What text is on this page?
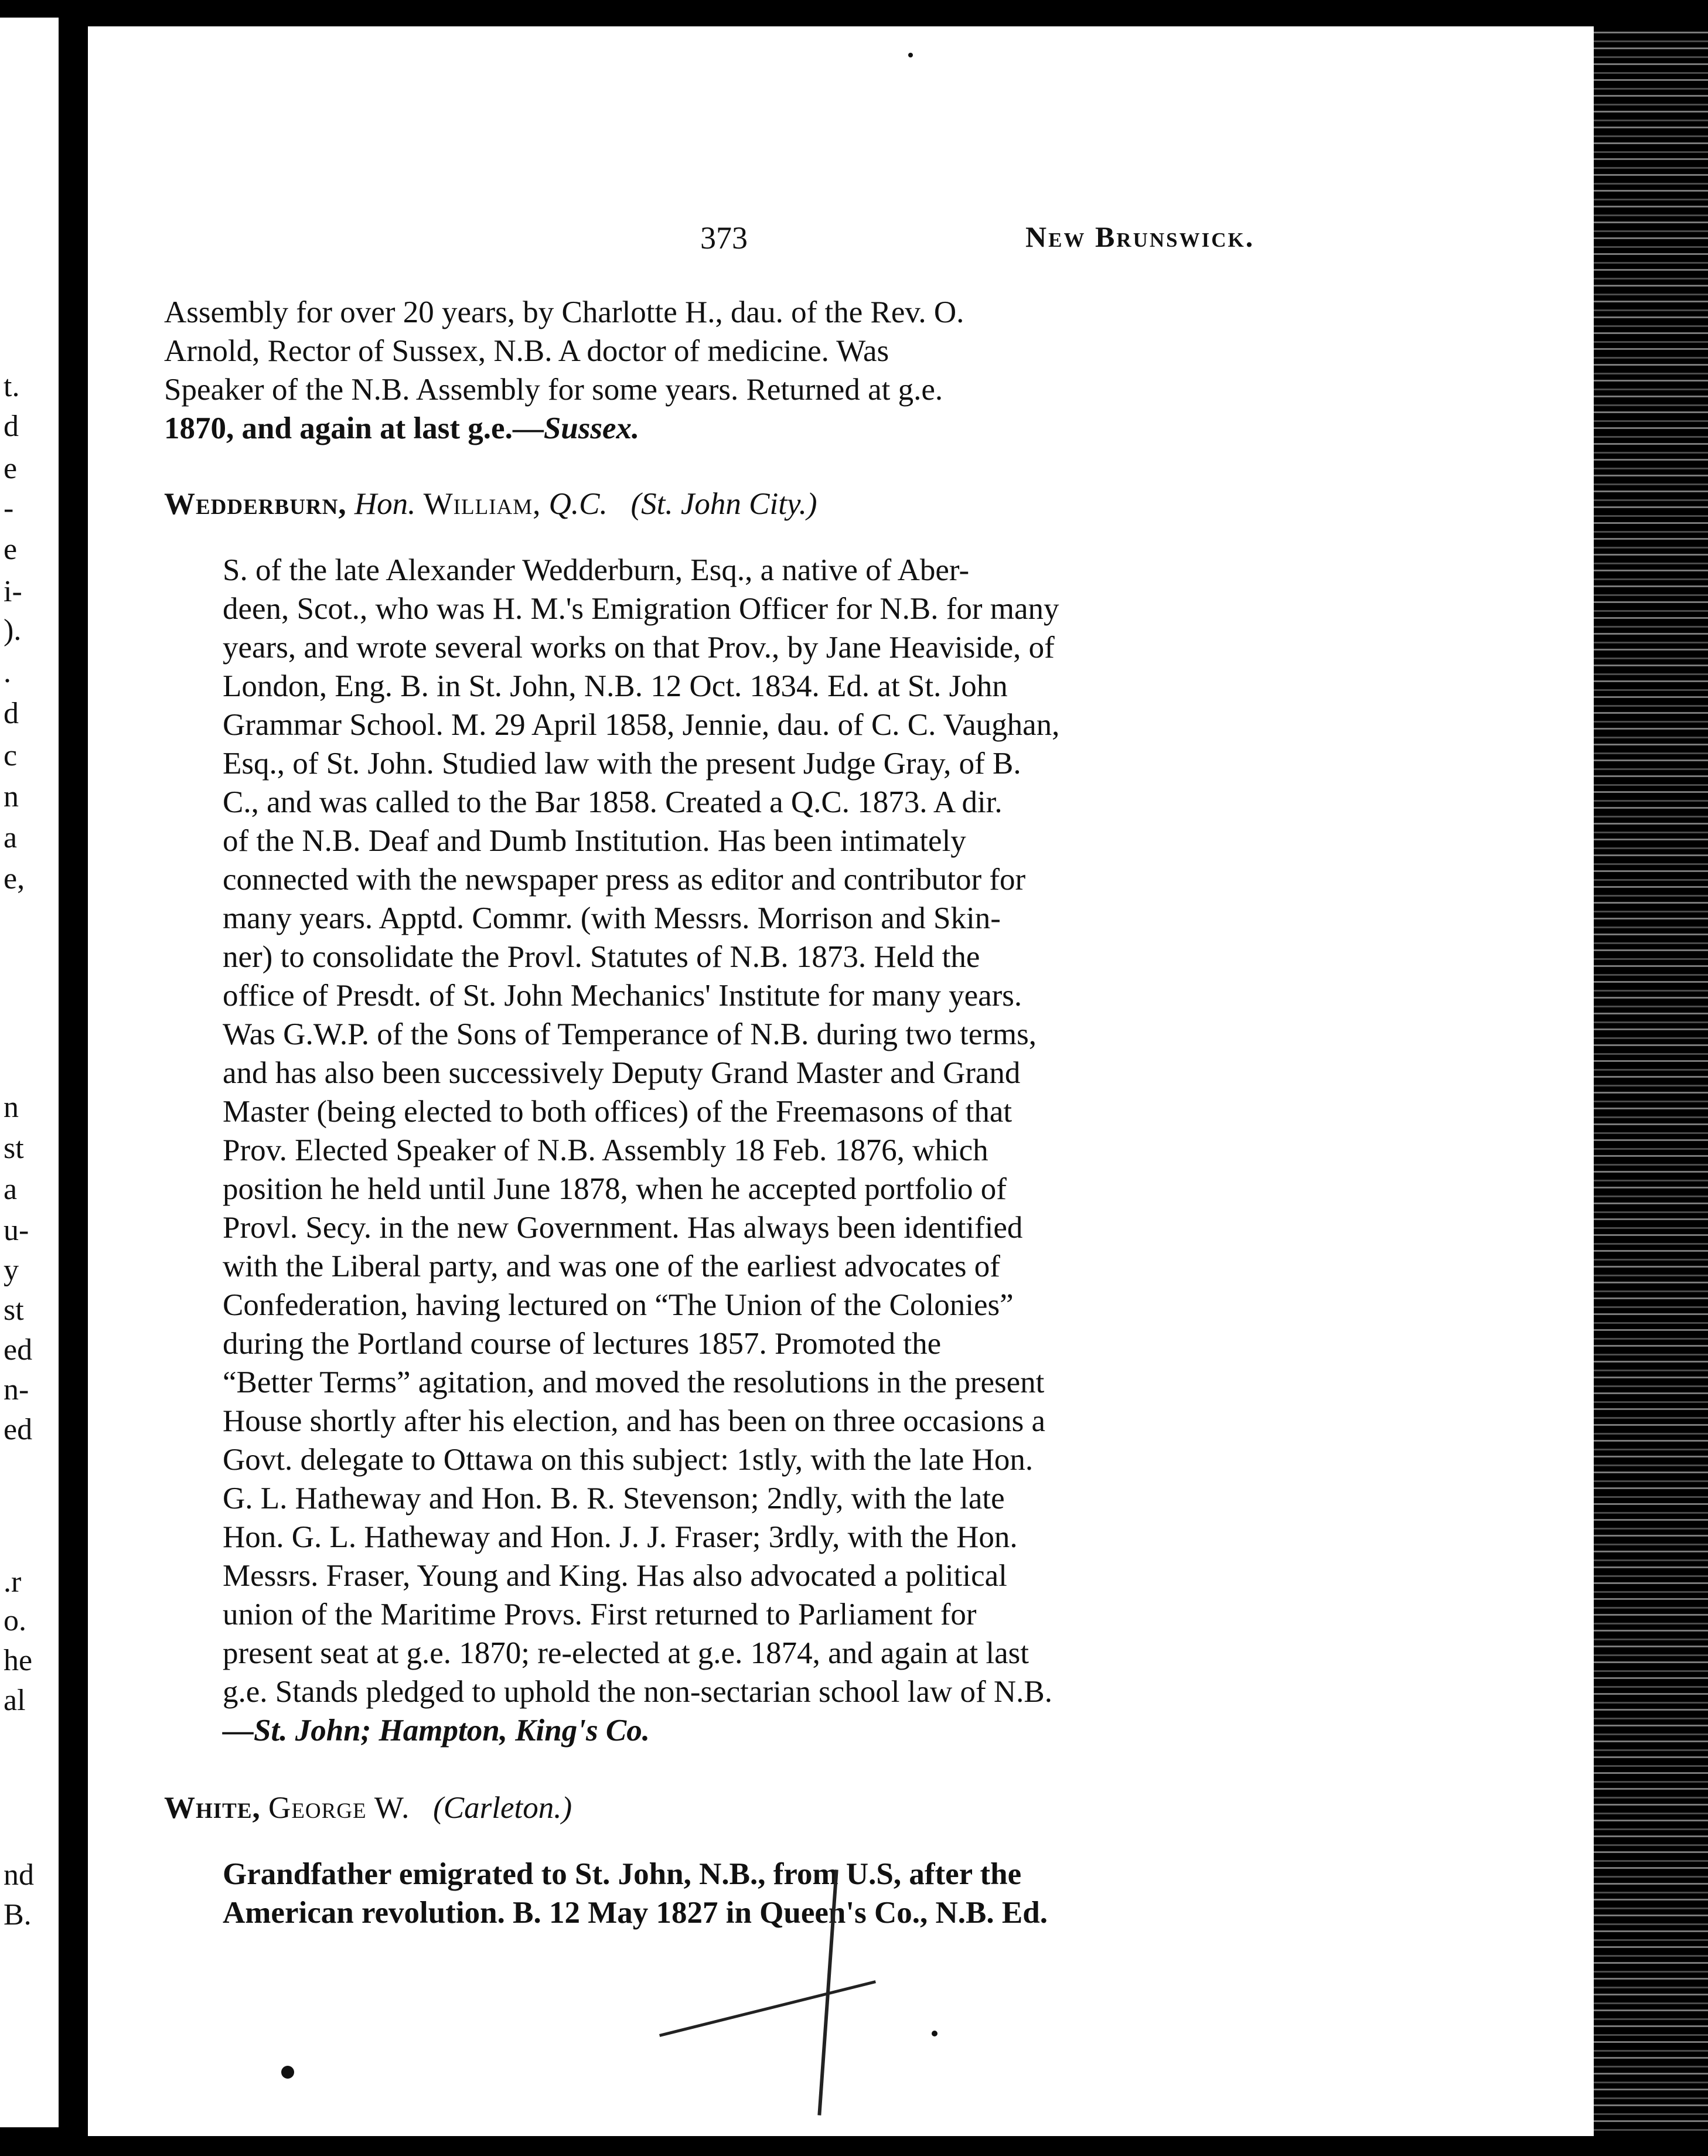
t.
d
e
-
e
i-
).
.
d
c
n
a
e,
n
st
a
u-
y
st
ed
n-
ed
.r
o.
he
al
nd
B.
373	New Brunswick.
Assembly for over 20 years, by Charlotte H., dau. of the Rev. O.
Arnold, Rector of Sussex, N.B. A doctor of medicine. Was
Speaker of the N.B. Assembly for some years. Returned at g.e.
1870, and again at last g.e.—Sussex.
Wedderburn, Hon. William, Q.C. (St. John City.)
S. of the late Alexander Wedderburn, Esq., a native of Aber-
deen, Scot., who was H. M.'s Emigration Officer for N.B. for many
years, and wrote several works on that Prov., by Jane Heaviside, of
London, Eng. B. in St. John, N.B. 12 Oct. 1834. Ed. at St. John
Grammar School. M. 29 April 1858, Jennie, dau. of C. C. Vaughan,
Esq., of St. John. Studied law with the present Judge Gray, of B.
C., and was called to the Bar 1858. Created a Q.C. 1873. A dir.
of the N.B. Deaf and Dumb Institution. Has been intimately
connected with the newspaper press as editor and contributor for
many years. Apptd. Commr. (with Messrs. Morrison and Skin-
ner) to consolidate the Provl. Statutes of N.B. 1873. Held the
office of Presdt. of St. John Mechanics' Institute for many years.
Was G.W.P. of the Sons of Temperance of N.B. during two terms,
and has also been successively Deputy Grand Master and Grand
Master (being elected to both offices) of the Freemasons of that
Prov. Elected Speaker of N.B. Assembly 18 Feb. 1876, which
position he held until June 1878, when he accepted portfolio of
Provl. Secy. in the new Government. Has always been identified
with the Liberal party, and was one of the earliest advocates of
Confederation, having lectured on “The Union of the Colonies”
during the Portland course of lectures 1857. Promoted the
“Better Terms” agitation, and moved the resolutions in the present
House shortly after his election, and has been on three occasions a
Govt. delegate to Ottawa on this subject: 1stly, with the late Hon.
G. L. Hatheway and Hon. B. R. Stevenson; 2ndly, with the late
Hon. G. L. Hatheway and Hon. J. J. Fraser; 3rdly, with the Hon.
Messrs. Fraser, Young and King. Has also advocated a political
union of the Maritime Provs. First returned to Parliament for
present seat at g.e. 1870; re-elected at g.e. 1874, and again at last
g.e. Stands pledged to uphold the non-sectarian school law of N.B.
—St. John; Hampton, King's Co.
White, George W. (Carleton.)
Grandfather emigrated to St. John, N.B., from U.S, after the
American revolution. B. 12 May 1827 in Queen's Co., N.B. Ed.
